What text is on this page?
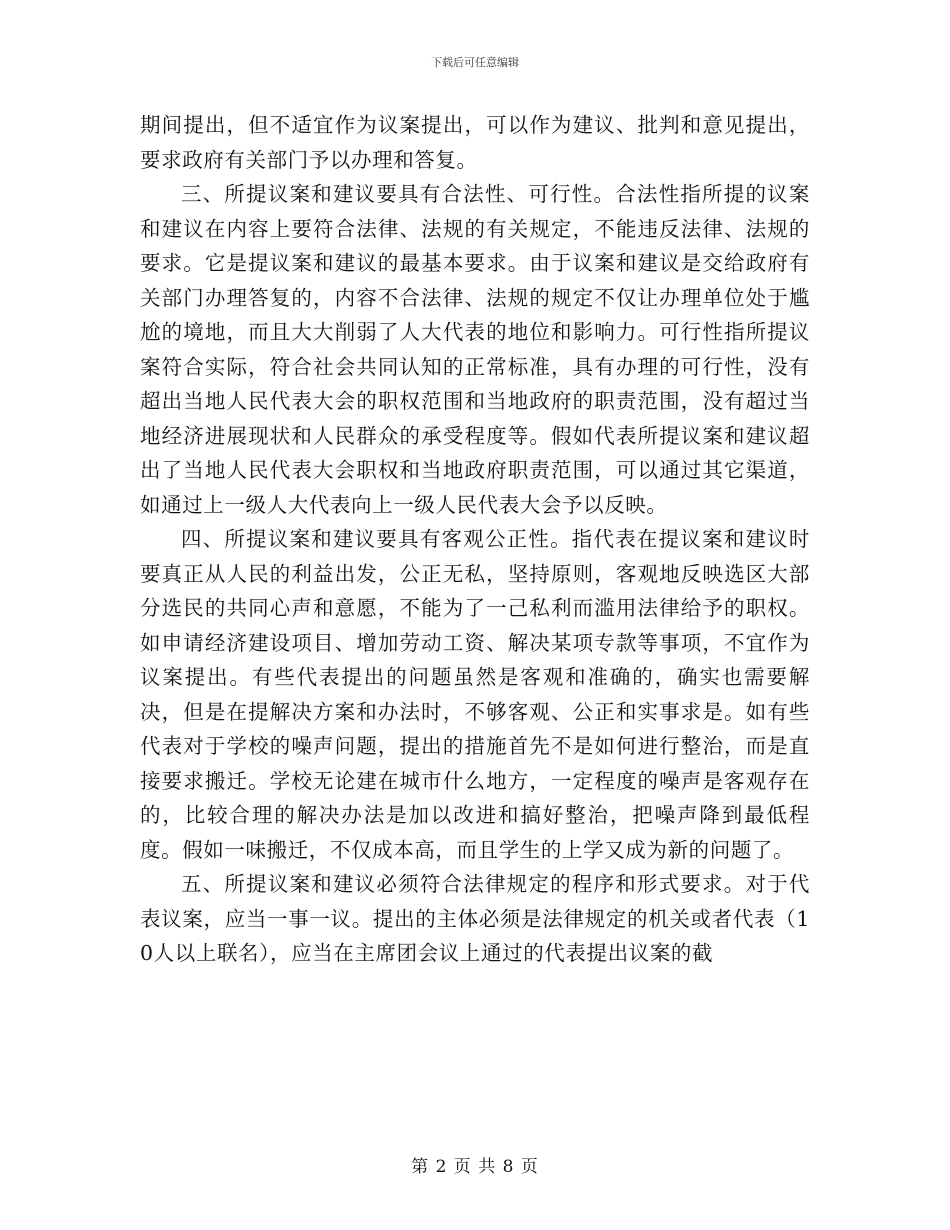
下载后可任意编辑

期间提出，但不适宜作为议案提出，可以作为建议、批判和意见提出，要求政府有关部门予以办理和答复。

三、所提议案和建议要具有合法性、可行性。合法性指所提的议案和建议在内容上要符合法律、法规的有关规定，不能违反法律、法规的要求。它是提议案和建议的最基本要求。由于议案和建议是交给政府有关部门办理答复的，内容不合法律、法规的规定不仅让办理单位处于尴尬的境地，而且大大削弱了人大代表的地位和影响力。可行性指所提议案符合实际，符合社会共同认知的正常标准，具有办理的可行性，没有超出当地人民代表大会的职权范围和当地政府的职责范围，没有超过当地经济进展现状和人民群众的承受程度等。假如代表所提议案和建议超出了当地人民代表大会职权和当地政府职责范围，可以通过其它渠道，如通过上一级人大代表向上一级人民代表大会予以反映。

四、所提议案和建议要具有客观公正性。指代表在提议案和建议时要真正从人民的利益出发，公正无私，坚持原则，客观地反映选区大部分选民的共同心声和意愿，不能为了一己私利而滥用法律给予的职权。如申请经济建设项目、增加劳动工资、解决某项专款等事项，不宜作为议案提出。有些代表提出的问题虽然是客观和准确的，确实也需要解决，但是在提解决方案和办法时，不够客观、公正和实事求是。如有些代表对于学校的噪声问题，提出的措施首先不是如何进行整治，而是直接要求搬迁。学校无论建在城市什么地方，一定程度的噪声是客观存在的，比较合理的解决办法是加以改进和搞好整治，把噪声降到最低程度。假如一味搬迁，不仅成本高，而且学生的上学又成为新的问题了。

五、所提议案和建议必须符合法律规定的程序和形式要求。对于代表议案，应当一事一议。提出的主体必须是法律规定的机关或者代表（10人以上联名），应当在主席团会议上通过的代表提出议案的截

第 2 页 共 8 页
